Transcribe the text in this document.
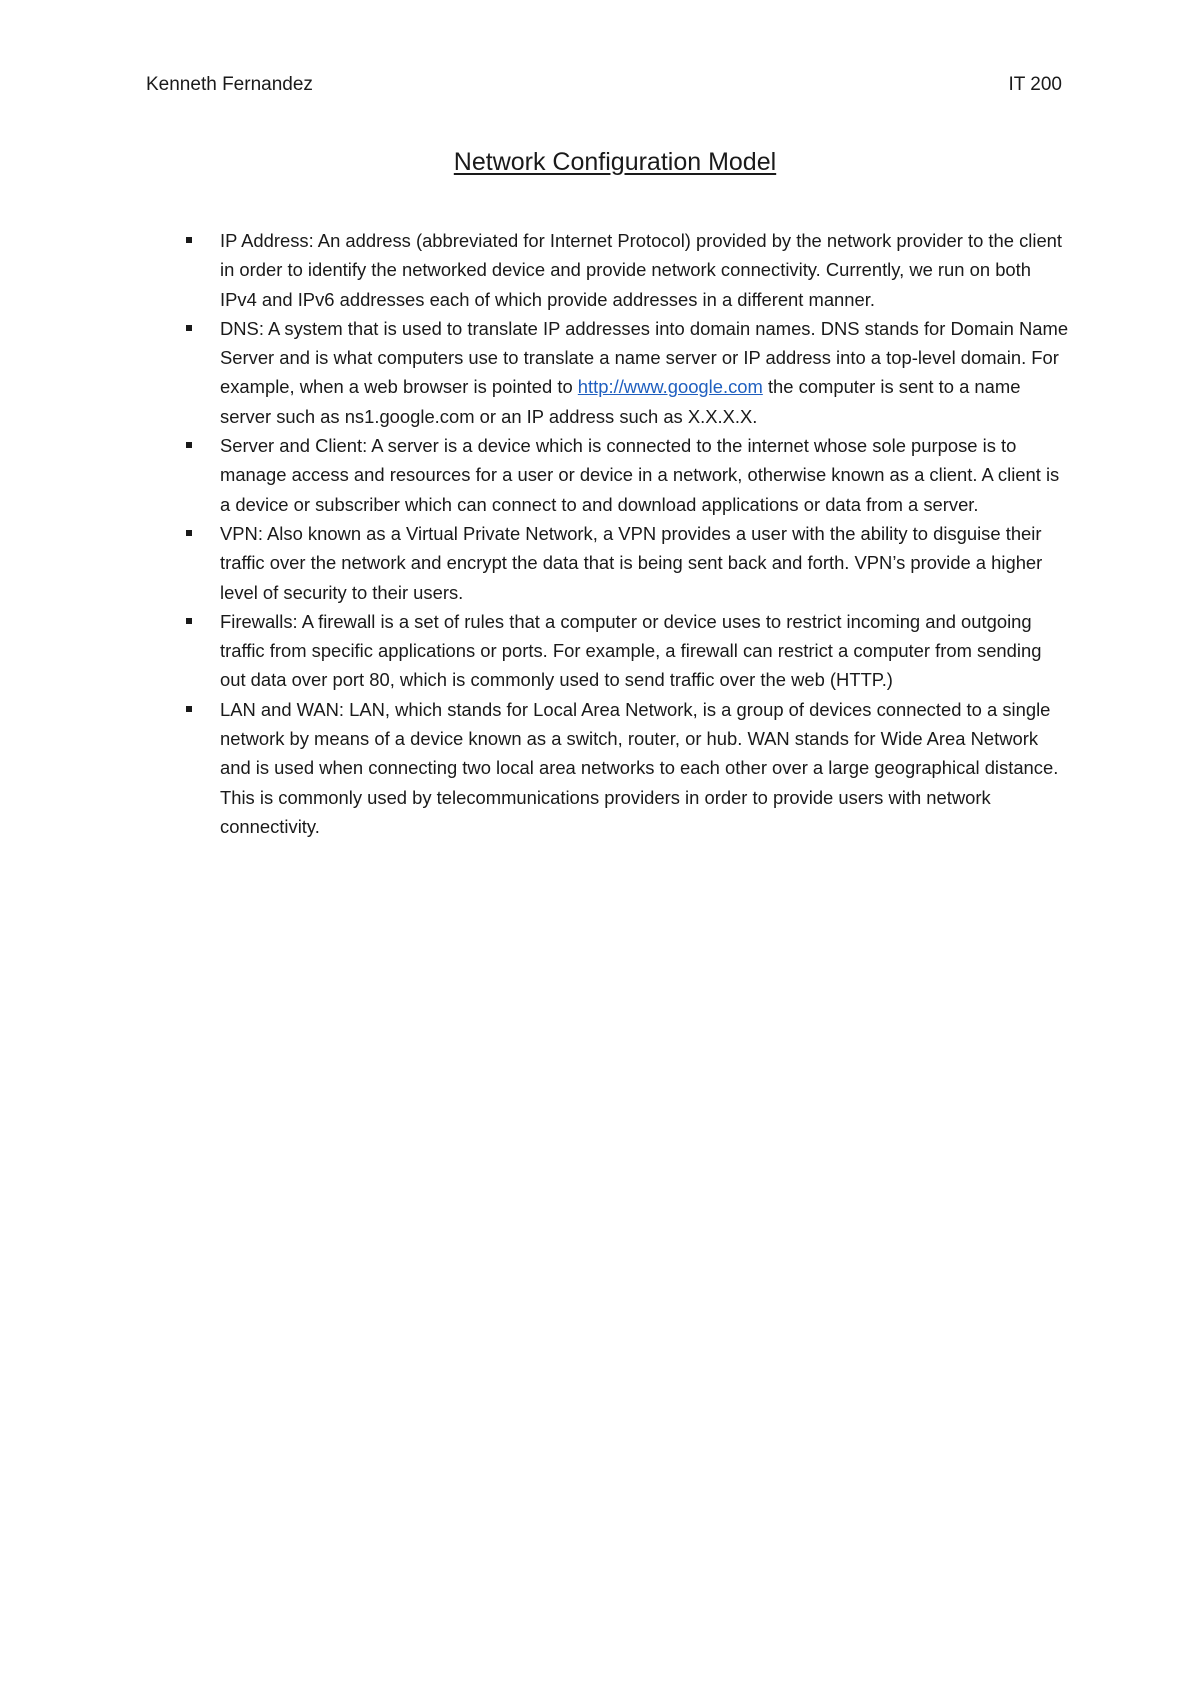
Kenneth Fernandez	IT 200
Network Configuration Model
IP Address: An address (abbreviated for Internet Protocol) provided by the network provider to the client in order to identify the networked device and provide network connectivity. Currently, we run on both IPv4 and IPv6 addresses each of which provide addresses in a different manner.
DNS: A system that is used to translate IP addresses into domain names. DNS stands for Domain Name Server and is what computers use to translate a name server or IP address into a top-level domain. For example, when a web browser is pointed to http://www.google.com the computer is sent to a name server such as ns1.google.com or an IP address such as X.X.X.X.
Server and Client: A server is a device which is connected to the internet whose sole purpose is to manage access and resources for a user or device in a network, otherwise known as a client. A client is a device or subscriber which can connect to and download applications or data from a server.
VPN: Also known as a Virtual Private Network, a VPN provides a user with the ability to disguise their traffic over the network and encrypt the data that is being sent back and forth. VPN’s provide a higher level of security to their users.
Firewalls: A firewall is a set of rules that a computer or device uses to restrict incoming and outgoing traffic from specific applications or ports. For example, a firewall can restrict a computer from sending out data over port 80, which is commonly used to send traffic over the web (HTTP.)
LAN and WAN: LAN, which stands for Local Area Network, is a group of devices connected to a single network by means of a device known as a switch, router, or hub. WAN stands for Wide Area Network and is used when connecting two local area networks to each other over a large geographical distance. This is commonly used by telecommunications providers in order to provide users with network connectivity.
